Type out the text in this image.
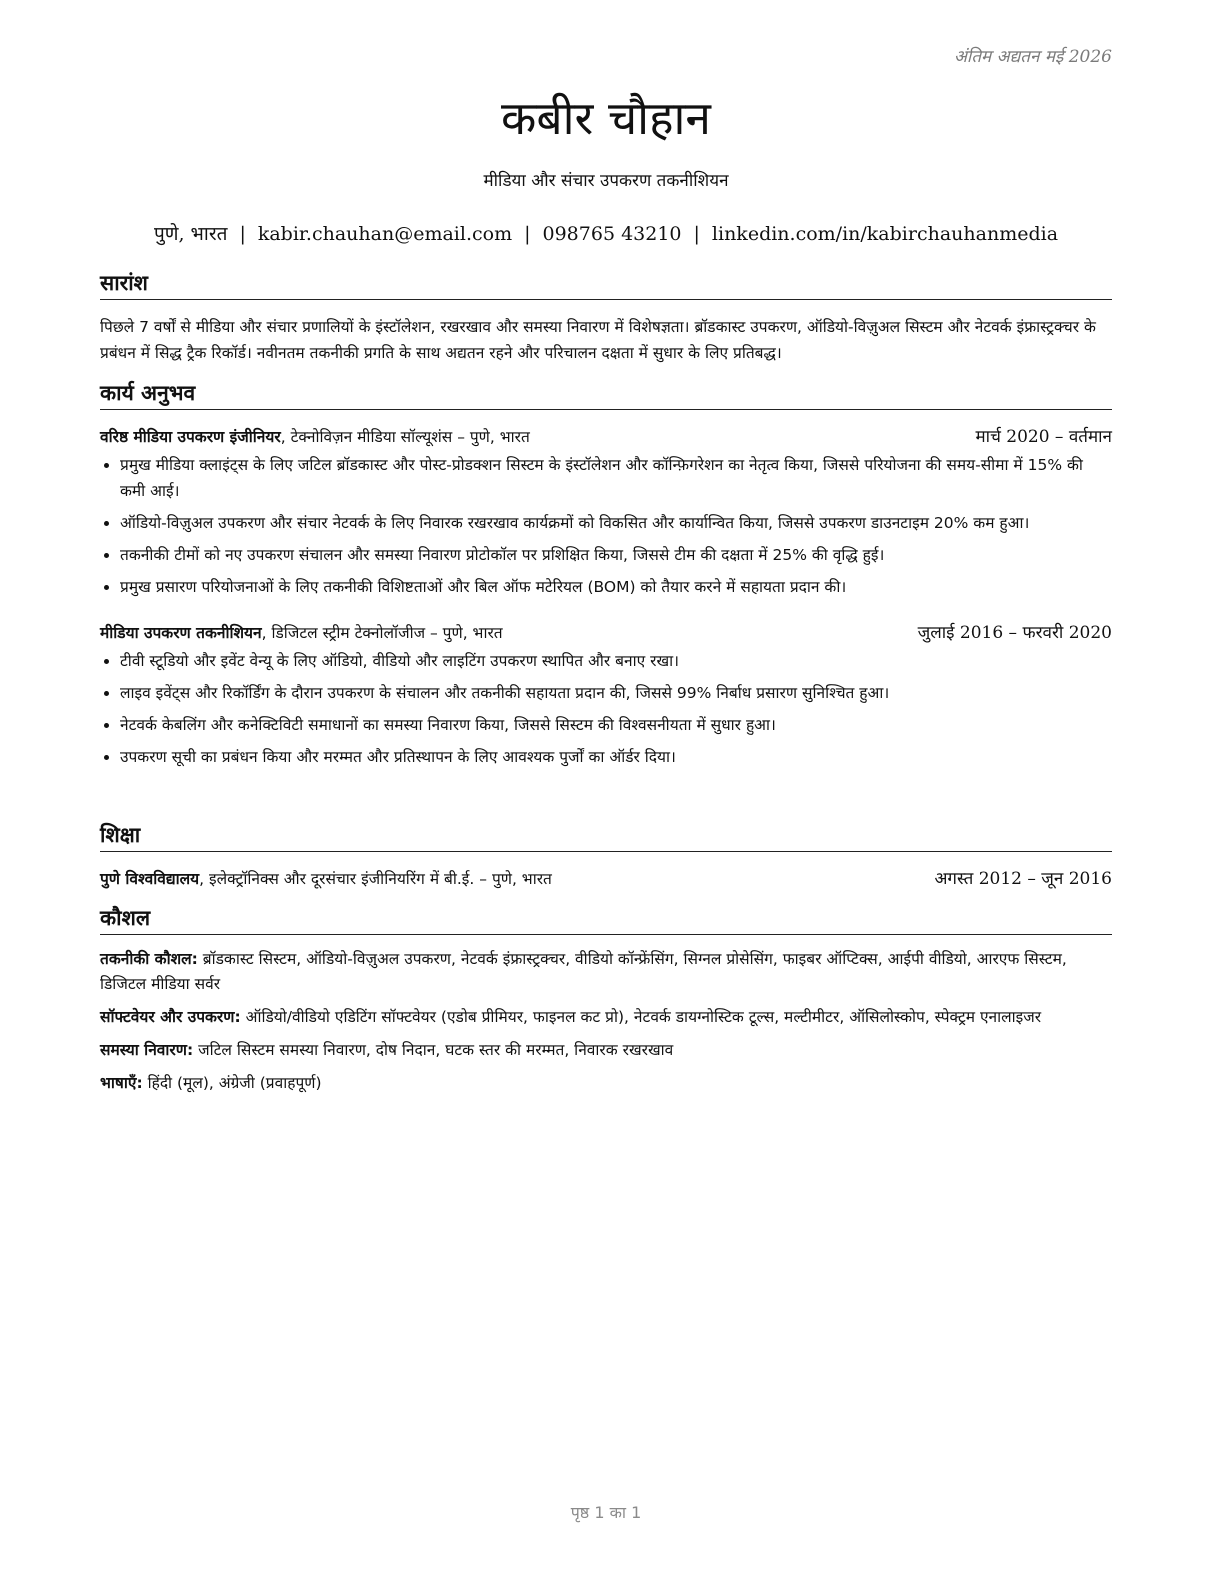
अंतिम अद्यतन मई 2026
कबीर चौहान
मीडिया और संचार उपकरण तकनीशियन
पुणे, भारत | kabir.chauhan@email.com | 098765 43210 | linkedin.com/in/kabirchauhanmedia
सारांश
पिछले 7 वर्षों से मीडिया और संचार प्रणालियों के इंस्टॉलेशन, रखरखाव और समस्या निवारण में विशेषज्ञता। ब्रॉडकास्ट उपकरण, ऑडियो-विज़ुअल सिस्टम और नेटवर्क इंफ्रास्ट्रक्चर के प्रबंधन में सिद्ध ट्रैक रिकॉर्ड। नवीनतम तकनीकी प्रगति के साथ अद्यतन रहने और परिचालन दक्षता में सुधार के लिए प्रतिबद्ध।
कार्य अनुभव
वरिष्ठ मीडिया उपकरण इंजीनियर, टेक्नोविज़न मीडिया सॉल्यूशंस – पुणे, भारत	मार्च 2020 – वर्तमान
• प्रमुख मीडिया क्लाइंट्स के लिए जटिल ब्रॉडकास्ट और पोस्ट-प्रोडक्शन सिस्टम के इंस्टॉलेशन और कॉन्फ़िगरेशन का नेतृत्व किया, जिससे परियोजना की समय-सीमा में 15% की कमी आई।
• ऑडियो-विज़ुअल उपकरण और संचार नेटवर्क के लिए निवारक रखरखाव कार्यक्रमों को विकसित और कार्यान्वित किया, जिससे उपकरण डाउनटाइम 20% कम हुआ।
• तकनीकी टीमों को नए उपकरण संचालन और समस्या निवारण प्रोटोकॉल पर प्रशिक्षित किया, जिससे टीम की दक्षता में 25% की वृद्धि हुई।
• प्रमुख प्रसारण परियोजनाओं के लिए तकनीकी विशिष्टताओं और बिल ऑफ मटेरियल (BOM) को तैयार करने में सहायता प्रदान की।
मीडिया उपकरण तकनीशियन, डिजिटल स्ट्रीम टेक्नोलॉजीज – पुणे, भारत	जुलाई 2016 – फरवरी 2020
• टीवी स्टूडियो और इवेंट वेन्यू के लिए ऑडियो, वीडियो और लाइटिंग उपकरण स्थापित और बनाए रखा।
• लाइव इवेंट्स और रिकॉर्डिंग के दौरान उपकरण के संचालन और तकनीकी सहायता प्रदान की, जिससे 99% निर्बाध प्रसारण सुनिश्चित हुआ।
• नेटवर्क केबलिंग और कनेक्टिविटी समाधानों का समस्या निवारण किया, जिससे सिस्टम की विश्वसनीयता में सुधार हुआ।
• उपकरण सूची का प्रबंधन किया और मरम्मत और प्रतिस्थापन के लिए आवश्यक पुर्जों का ऑर्डर दिया।
शिक्षा
पुणे विश्वविद्यालय, इलेक्ट्रॉनिक्स और दूरसंचार इंजीनियरिंग में बी.ई. – पुणे, भारत	अगस्त 2012 – जून 2016
कौशल
तकनीकी कौशल: ब्रॉडकास्ट सिस्टम, ऑडियो-विज़ुअल उपकरण, नेटवर्क इंफ्रास्ट्रक्चर, वीडियो कॉन्फ्रेंसिंग, सिग्नल प्रोसेसिंग, फाइबर ऑप्टिक्स, आईपी वीडियो, आरएफ सिस्टम, डिजिटल मीडिया सर्वर
सॉफ्टवेयर और उपकरण: ऑडियो/वीडियो एडिटिंग सॉफ्टवेयर (एडोब प्रीमियर, फाइनल कट प्रो), नेटवर्क डायग्नोस्टिक टूल्स, मल्टीमीटर, ऑसिलोस्कोप, स्पेक्ट्रम एनालाइजर
समस्या निवारण: जटिल सिस्टम समस्या निवारण, दोष निदान, घटक स्तर की मरम्मत, निवारक रखरखाव
भाषाएँ: हिंदी (मूल), अंग्रेजी (प्रवाहपूर्ण)
पृष्ठ 1 का 1
